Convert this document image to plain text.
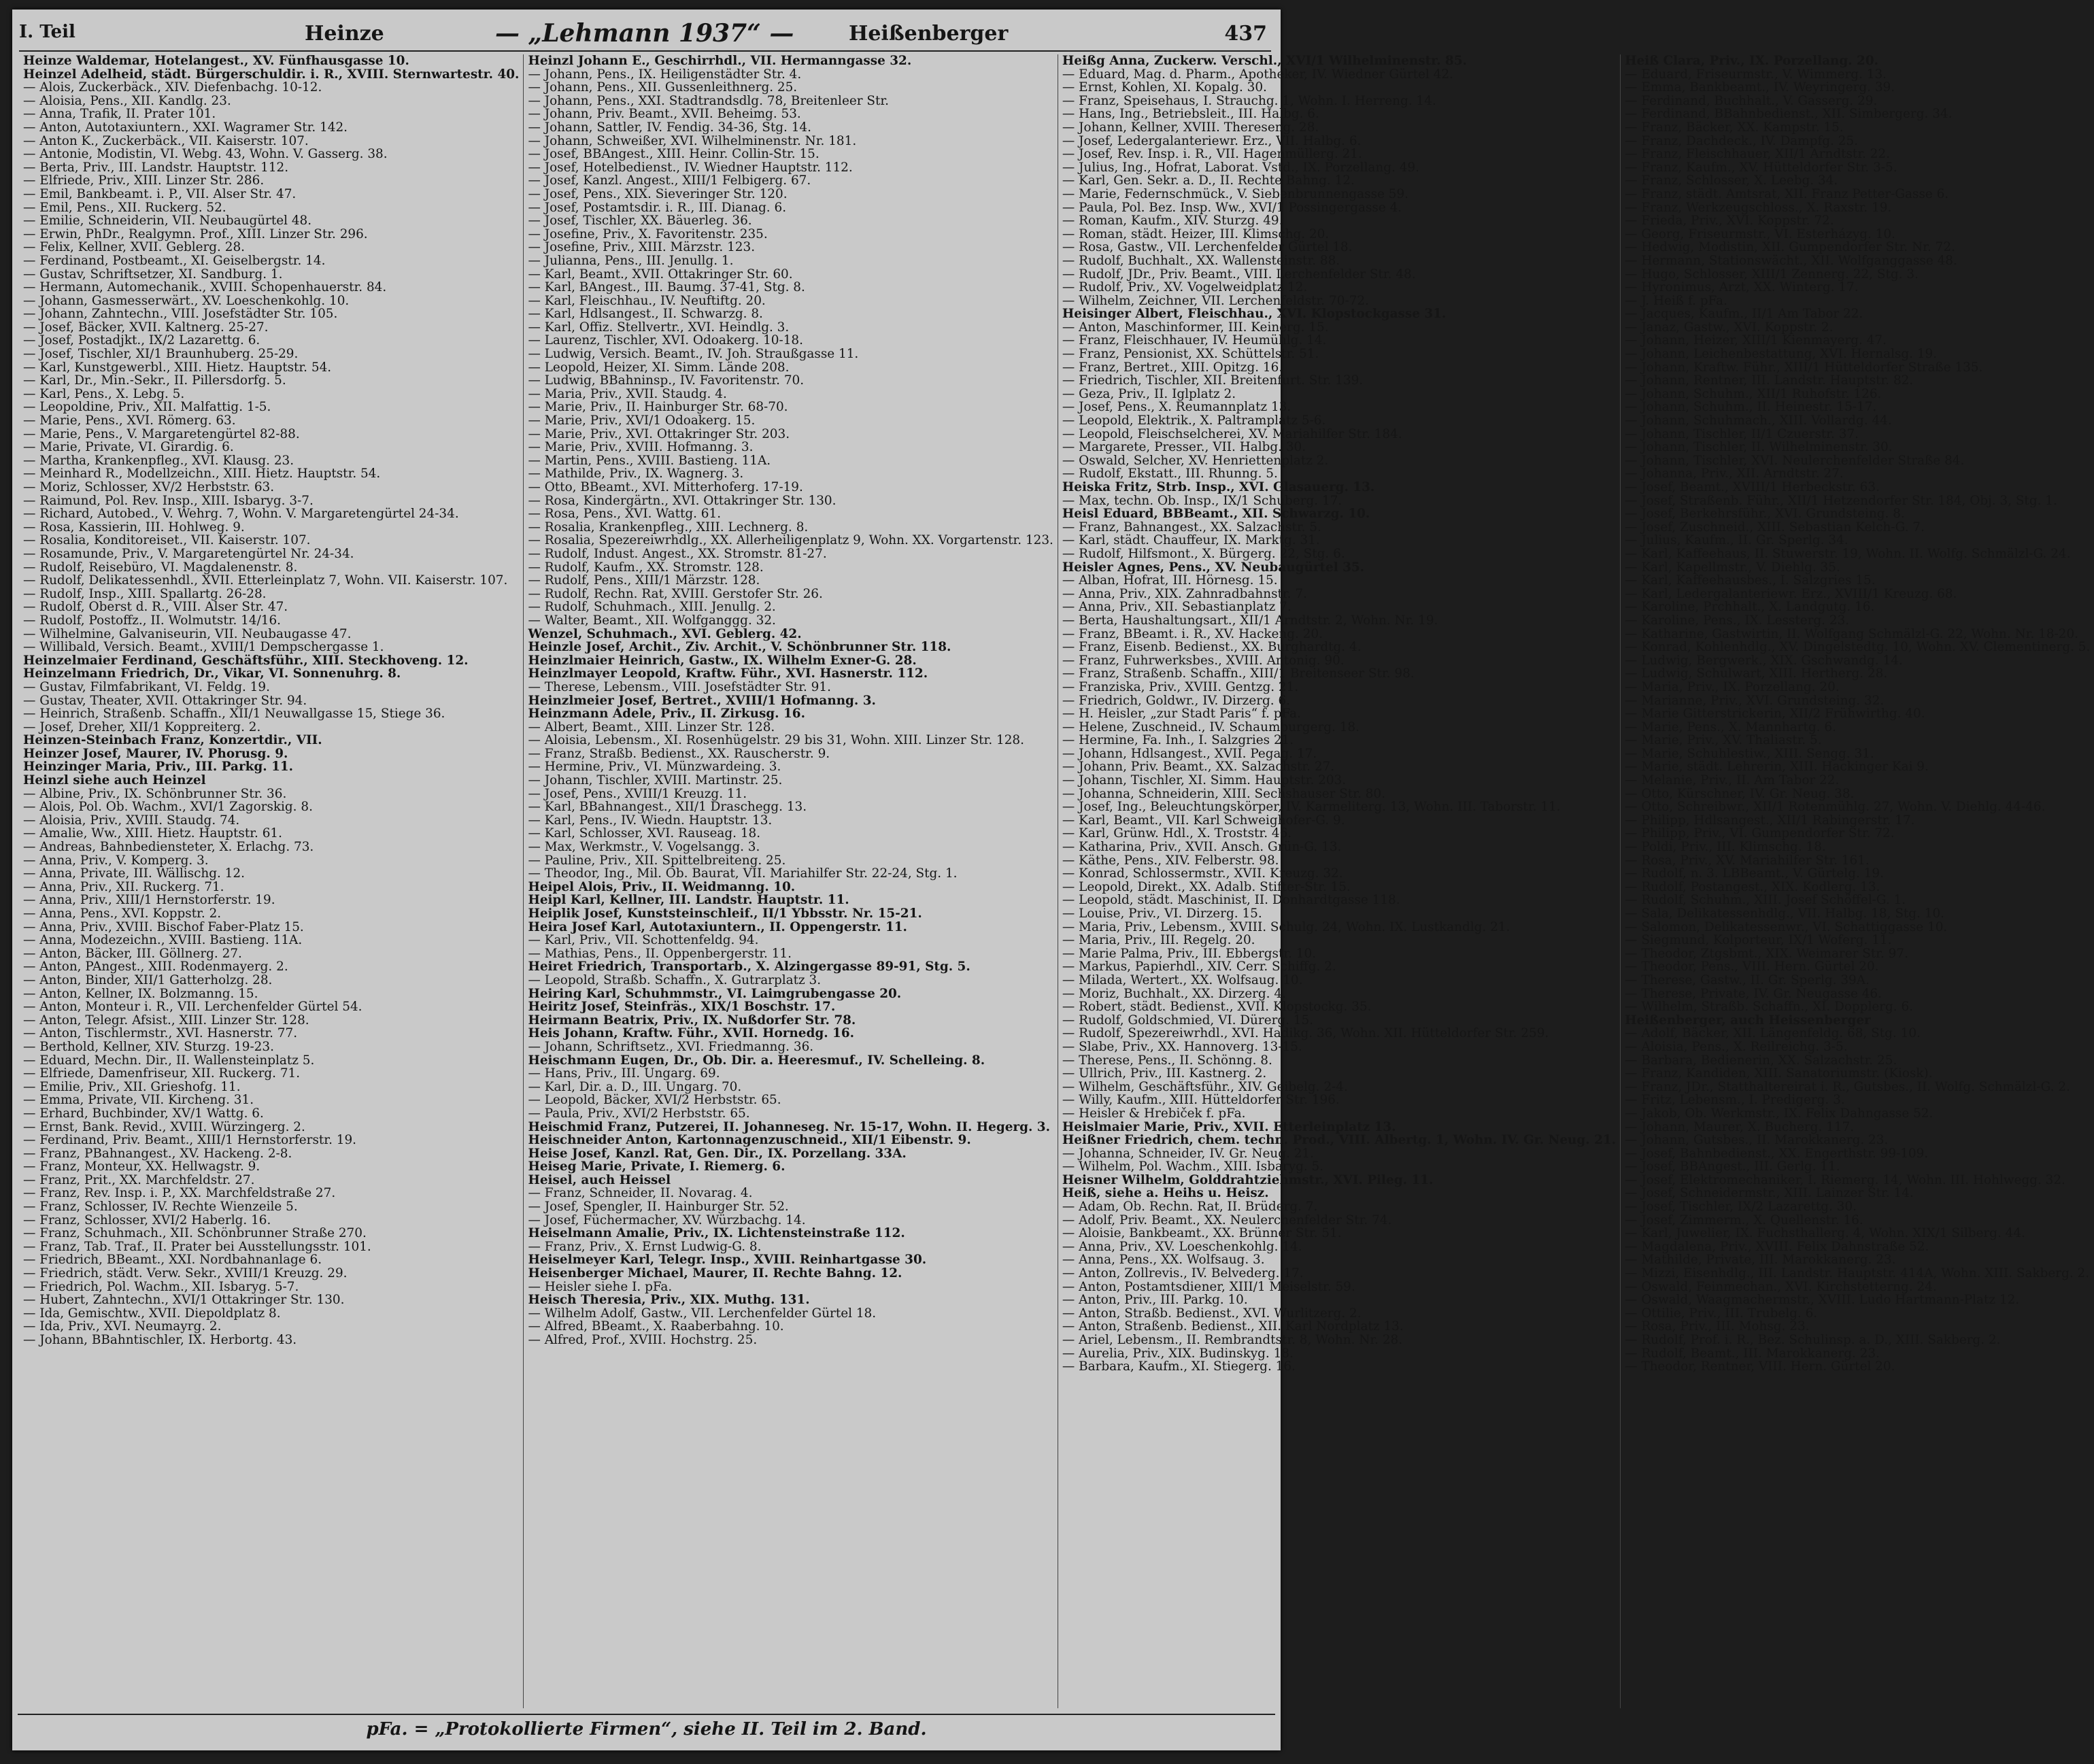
I. Teil	Heinze	— „Lehmann 1937“ —	Heißenberger	437
Heinze Waldemar, Hotelangest., XV. Fünfhausgasse 10.
Heinzel Adelheid, städt. Bürgerschuldir. i. R., XVIII. Sternwartestr. 40.
— Alois, Zuckerbäck., XIV. Diefenbachg. 10-12.
— Aloisia, Pens., XII. Kandlg. 23.
— Anna, Trafik, II. Prater 101.
— Anton, Autotaxiuntern., XXI. Wagramer Str. 142.
— Anton K., Zuckerbäck., VII. Kaiserstr. 107.
— Antonie, Modistin, VI. Webg. 43, Wohn. V. Gasserg. 38.
— Berta, Priv., III. Landstr. Hauptstr. 112.
— Elfriede, Priv., XIII. Linzer Str. 286.
— Emil, Bankbeamt. i. P., VII. Alser Str. 47.
— Emil, Pens., XII. Ruckerg. 52.
— Emilie, Schneiderin, VII. Neubaugürtel 48.
— Erwin, PhDr., Realgymn. Prof., XIII. Linzer Str. 296.
— Felix, Kellner, XVII. Geblerg. 28.
— Ferdinand, Postbeamt., XI. Geiselbergstr. 14.
— Gustav, Schriftsetzer, XI. Sandburg. 1.
— Hermann, Automechanik., XVIII. Schopenhauerstr. 84.
— Johann, Gasmesserwärt., XV. Loeschenkohlg. 10.
— Johann, Zahntechn., VIII. Josefstädter Str. 105.
— Josef, Bäcker, XVII. Kaltnerg. 25-27.
— Josef, Postadjkt., IX/2 Lazarettg. 6.
— Josef, Tischler, XI/1 Braunhuberg. 25-29.
— Karl, Kunstgewerbl., XIII. Hietz. Hauptstr. 54.
— Karl, Dr., Min.-Sekr., II. Pillersdorfg. 5.
— Karl, Pens., X. Lebg. 5.
— Leopoldine, Priv., XII. Malfattig. 1-5.
— Marie, Pens., XVI. Römerg. 63.
— Marie, Pens., V. Margaretengürtel 82-88.
— Marie, Private, VI. Girardig. 6.
— Martha, Krankenpfleg., XVI. Klausg. 23.
— Meinhard R., Modellzeichn., XIII. Hietz. Hauptstr. 54.
— Moriz, Schlosser, XV/2 Herbststr. 63.
— Raimund, Pol. Rev. Insp., XIII. Isbaryg. 3-7.
— Richard, Autobed., V. Wehrg. 7, Wohn. V. Margaretengürtel 24-34.
— Rosa, Kassierin, III. Hohlweg. 9.
— Rosalia, Konditoreiset., VII. Kaiserstr. 107.
— Rosamunde, Priv., V. Margaretengürtel Nr. 24-34.
— Rudolf, Reisebüro, VI. Magdalenenstr. 8.
— Rudolf, Delikatessenhdl., XVII. Etterleinplatz 7, Wohn. VII. Kaiserstr. 107.
— Rudolf, Insp., XIII. Spallartg. 26-28.
— Rudolf, Oberst d. R., VIII. Alser Str. 47.
— Rudolf, Postoffz., II. Wolmutstr. 14/16.
— Wilhelmine, Galvaniseurin, VII. Neubaugasse 47.
— Willibald, Versich. Beamt., XVIII/1 Dempschergasse 1.
Heinzelmaier Ferdinand, Geschäftsführ., XIII. Steckhoveng. 12.
Heinzelmann Friedrich, Dr., Vikar, VI. Sonnenuhrg. 8.
— Gustav, Filmfabrikant, VI. Feldg. 19.
— Gustav, Theater, XVII. Ottakringer Str. 94.
— Heinrich, Straßenb. Schaffn., XII/1 Neuwallgasse 15, Stiege 36.
— Josef, Dreher, XII/1 Koppreiterg. 2.
Heinzen-Steinbach Franz, Konzertdir., VII.
Heinzer Josef, Maurer, IV. Phorusg. 9.
Heinzinger Maria, Priv., III. Parkg. 11.
Heinzl siehe auch Heinzel
— Albine, Priv., IX. Schönbrunner Str. 36.
— Alois, Pol. Ob. Wachm., XVI/1 Zagorskig. 8.
— Aloisia, Priv., XVIII. Staudg. 74.
— Amalie, Ww., XIII. Hietz. Hauptstr. 61.
— Andreas, Bahnbediensteter, X. Erlachg. 73.
— Anna, Priv., V. Komperg. 3.
— Anna, Private, III. Wällischg. 12.
— Anna, Priv., XII. Ruckerg. 71.
— Anna, Priv., XIII/1 Hernstorferstr. 19.
— Anna, Pens., XVI. Koppstr. 2.
— Anna, Priv., XVIII. Bischof Faber-Platz 15.
— Anna, Modezeichn., XVIII. Bastieng. 11A.
— Anton, Bäcker, III. Göllnerg. 27.
— Anton, PAngest., XIII. Rodenmayerg. 2.
— Anton, Binder, XII/1 Gatterholzg. 28.
— Anton, Kellner, IX. Bolzmanng. 15.
— Anton, Monteur i. R., VII. Lerchenfelder Gürtel 54.
— Anton, Telegr. Afsist., XIII. Linzer Str. 128.
— Anton, Tischlermstr., XVI. Hasnerstr. 77.
— Berthold, Kellner, XIV. Sturzg. 19-23.
— Eduard, Mechn. Dir., II. Wallensteinplatz 5.
— Elfriede, Damenfriseur, XII. Ruckerg. 71.
— Emilie, Priv., XII. Grieshofg. 11.
— Emma, Private, VII. Kircheng. 31.
— Erhard, Buchbinder, XV/1 Wattg. 6.
— Ernst, Bank. Revid., XVIII. Würzingerg. 2.
— Ferdinand, Priv. Beamt., XIII/1 Hernstorferstr. 19.
— Franz, PBahnangest., XV. Hackeng. 2-8.
— Franz, Monteur, XX. Hellwagstr. 9.
— Franz, Prit., XX. Marchfeldstr. 27.
— Franz, Rev. Insp. i. P., XX. Marchfeldstraße 27.
— Franz, Schlosser, IV. Rechte Wienzeile 5.
— Franz, Schlosser, XVI/2 Haberlg. 16.
— Franz, Schuhmach., XII. Schönbrunner Straße 270.
— Franz, Tab. Traf., II. Prater bei Ausstellungsstr. 101.
— Friedrich, BBeamt., XXI. Nordbahnanlage 6.
— Friedrich, städt. Verw. Sekr., XVIII/1 Kreuzg. 29.
— Friedrich, Pol. Wachm., XII. Isbaryg. 5-7.
— Hubert, Zahntechn., XVI/1 Ottakringer Str. 130.
— Ida, Gemischtw., XVII. Diepoldplatz 8.
— Ida, Priv., XVI. Neumayrg. 2.
— Johann, BBahntischler, IX. Herbortg. 43.
Heinzl Johann E., Geschirrhdl., VII. Hermanngasse 32.
— Johann, Pens., IX. Heiligenstädter Str. 4.
— Johann, Pens., XII. Gussenleithnerg. 25.
— Johann, Pens., XXI. Stadtrandsdlg. 78, Breitenleer Str.
— Johann, Priv. Beamt., XVII. Beheimg. 53.
— Johann, Sattler, IV. Fendig. 34-36, Stg. 14.
— Johann, Schweißer, XVI. Wilhelminenstr. Nr. 181.
— Josef, BBAngest., XIII. Heinr. Collin-Str. 15.
— Josef, Hotelbedienst., IV. Wiedner Hauptstr. 112.
— Josef, Kanzl. Angest., XIII/1 Felbigerg. 67.
— Josef, Pens., XIX. Sieveringer Str. 120.
— Josef, Postamtsdir. i. R., III. Dianag. 6.
— Josef, Tischler, XX. Bäuerleg. 36.
— Josefine, Priv., X. Favoritenstr. 235.
— Josefine, Priv., XIII. Märzstr. 123.
— Julianna, Pens., III. Jenullg. 1.
— Karl, Beamt., XVII. Ottakringer Str. 60.
— Karl, BAngest., III. Baumg. 37-41, Stg. 8.
— Karl, Fleischhau., IV. Neuftiftg. 20.
— Karl, Hdlsangest., II. Schwarzg. 8.
— Karl, Offiz. Stellvertr., XVI. Heindlg. 3.
— Laurenz, Tischler, XVI. Odoakerg. 10-18.
— Ludwig, Versich. Beamt., IV. Joh. Straußgasse 11.
— Leopold, Heizer, XI. Simm. Lände 208.
— Ludwig, BBahninsp., IV. Favoritenstr. 70.
— Maria, Priv., XVII. Staudg. 4.
— Marie, Priv., II. Hainburger Str. 68-70.
— Marie, Priv., XVI/1 Odoakerg. 15.
— Marie, Priv., XVI. Ottakringer Str. 203.
— Marie, Priv., XVIII. Hofmanng. 3.
— Martin, Pens., XVIII. Bastieng. 11A.
— Mathilde, Priv., IX. Wagnerg. 3.
— Otto, BBeamt., XVI. Mitterhoferg. 17-19.
— Rosa, Kindergärtn., XVI. Ottakringer Str. 130.
— Rosa, Pens., XVI. Wattg. 61.
— Rosalia, Krankenpfleg., XIII. Lechnerg. 8.
— Rosalia, Spezereiwrhdlg., XX. Allerheiligenplatz 9, Wohn. XX. Vorgartenstr. 123.
— Rudolf, Indust. Angest., XX. Stromstr. 81-27.
— Rudolf, Kaufm., XX. Stromstr. 128.
— Rudolf, Pens., XIII/1 Märzstr. 128.
— Rudolf, Rechn. Rat, XVIII. Gerstofer Str. 26.
— Rudolf, Schuhmach., XIII. Jenullg. 2.
— Walter, Beamt., XII. Wolfganggg. 32.
Wenzel, Schuhmach., XVI. Geblerg. 42.
Heinzle Josef, Archit., Ziv. Archit., V. Schönbrunner Str. 118.
Heinzlmaier Heinrich, Gastw., IX. Wilhelm Exner-G. 28.
Heinzlmayer Leopold, Kraftw. Führ., XVI. Hasnerstr. 112.
— Therese, Lebensm., VIII. Josefstädter Str. 91.
Heinzlmeier Josef, Bertret., XVIII/1 Hofmanng. 3.
Heinzmann Adele, Priv., II. Zirkusg. 16.
— Albert, Beamt., XIII. Linzer Str. 128.
— Aloisia, Lebensm., XI. Rosenhügelstr. 29 bis 31, Wohn. XIII. Linzer Str. 128.
— Franz, Straßb. Bedienst., XX. Rauscherstr. 9.
— Hermine, Priv., VI. Münzwardeing. 3.
— Johann, Tischler, XVIII. Martinstr. 25.
— Josef, Pens., XVIII/1 Kreuzg. 11.
— Karl, BBahnangest., XII/1 Draschegg. 13.
— Karl, Pens., IV. Wiedn. Hauptstr. 13.
— Karl, Schlosser, XVI. Rauseag. 18.
— Max, Werkmstr., V. Vogelsangg. 3.
— Pauline, Priv., XII. Spittelbreiteng. 25.
— Theodor, Ing., Mil. Ob. Baurat, VII. Mariahilfer Str. 22-24, Stg. 1.
Heipel Alois, Priv., II. Weidmanng. 10.
Heipl Karl, Kellner, III. Landstr. Hauptstr. 11.
Heiplik Josef, Kunststeinschleif., II/1 Ybbsstr. Nr. 15-21.
Heira Josef Karl, Autotaxiuntern., II. Oppengerstr. 11.
— Karl, Priv., VII. Schottenfeldg. 94.
— Mathias, Pens., II. Oppenbergerstr. 11.
Heiret Friedrich, Transportarb., X. Alzingergasse 89-91, Stg. 5.
— Leopold, Straßb. Schaffn., X. Gutrarplatz 3.
Heiring Karl, Schuhmmstr., VI. Laimgrubengasse 20.
Heiritz Josef, Steinfräs., XIX/1 Boschstr. 17.
Heirmann Beatrix, Priv., IX. Nußdorfer Str. 78.
Heis Johann, Kraftw. Führ., XVII. Hornedg. 16.
— Johann, Schriftsetz., XVI. Friedmanng. 36.
Heischmann Eugen, Dr., Ob. Dir. a. Heeresmuf., IV. Schelleing. 8.
— Hans, Priv., III. Ungarg. 69.
— Karl, Dir. a. D., III. Ungarg. 70.
— Leopold, Bäcker, XVI/2 Herbststr. 65.
— Paula, Priv., XVI/2 Herbststr. 65.
Heischmid Franz, Putzerei, II. Johanneseg. Nr. 15-17, Wohn. II. Hegerg. 3.
Heischneider Anton, Kartonnagenzuschneid., XII/1 Eibenstr. 9.
Heise Josef, Kanzl. Rat, Gen. Dir., IX. Porzellang. 33A.
Heiseg Marie, Private, I. Riemerg. 6.
Heisel, auch Heissel
— Franz, Schneider, II. Novarag. 4.
— Josef, Spengler, II. Hainburger Str. 52.
— Josef, Füchermacher, XV. Würzbachg. 14.
Heiselmann Amalie, Priv., IX. Lichtensteinstraße 112.
— Franz, Priv., X. Ernst Ludwig-G. 8.
Heiselmeyer Karl, Telegr. Insp., XVIII. Reinhartgasse 30.
Heisenberger Michael, Maurer, II. Rechte Bahng. 12.
— Heisler siehe I. pFa.
Heisch Theresia, Priv., XIX. Muthg. 131.
— Wilhelm Adolf, Gastw., VII. Lerchenfelder Gürtel 18.
— Alfred, BBeamt., X. Raaberbahng. 10.
— Alfred, Prof., XVIII. Hochstrg. 25.
Heißg Anna, Zuckerw. Verschl., XVI/1 Wilhelminenstr. 85.
— Eduard, Mag. d. Pharm., Apotheker, IV. Wiedner Gürtel 42.
— Ernst, Kohlen, XI. Kopalg. 30.
— Franz, Speisehaus, I. Strauchg. 1, Wohn. I. Herreng. 14.
— Hans, Ing., Betriebsleit., III. Halbg. 6.
— Johann, Kellner, XVIII. Thereseng. 28.
— Josef, Ledergalanteriewr. Erz., VII. Halbg. 6.
— Josef, Rev. Insp. i. R., VII. Hagenmüllerg. 21.
— Julius, Ing., Hofrat, Laborat. Vstd., IX. Porzellang. 49.
— Karl, Gen. Sekr. a. D., II. Rechte Bahng. 12.
— Marie, Federnschmück., V. Siebenbrunnengasse 59.
— Paula, Pol. Bez. Insp. Ww., XVI/1 Possingergasse 4.
— Roman, Kaufm., XIV. Sturzg. 49.
— Roman, städt. Heizer, III. Klimschg. 20.
— Rosa, Gastw., VII. Lerchenfelder Gürtel 18.
— Rudolf, Buchhalt., XX. Wallensteinstr. 88.
— Rudolf, JDr., Priv. Beamt., VIII. Lerchenfelder Str. 48.
— Rudolf, Priv., XV. Vogelweidplatz 12.
— Wilhelm, Zeichner, VII. Lerchenfeldstr. 70-72.
Heisinger Albert, Fleischhau., XVI. Klopstockgasse 31.
— Anton, Maschinformer, III. Keinerg. 15.
— Franz, Fleischhauer, IV. Heumühlg. 14.
— Franz, Pensionist, XX. Schüttelstr. 51.
— Franz, Bertret., XIII. Opitzg. 16.
— Friedrich, Tischler, XII. Breitenfurt. Str. 139.
— Geza, Priv., II. Iglplatz 2.
— Josef, Pens., X. Reumannplatz 13.
— Leopold, Elektrik., X. Paltramplatz 5-6.
— Leopold, Fleischselcherei, XV. Mariahilfer Str. 184.
— Margarete, Presser., VII. Halbg. 30.
— Oswald, Selcher, XV. Henriettenplatz 2.
— Rudolf, Ekstatt., III. Rhunng. 5.
Heiska Fritz, Strb. Insp., XVI. Glasauerg. 13.
— Max, techn. Ob. Insp., IX/1 Schuberg. 17.
Heisl Eduard, BBBeamt., XII. Schwarzg. 10.
— Franz, Bahnangest., XX. Salzachstr. 5.
— Karl, städt. Chauffeur, IX. Marktg. 31.
— Rudolf, Hilfsmont., X. Bürgerg. 22, Stg. 6.
Heisler Agnes, Pens., XV. Neubaugürtel 35.
— Alban, Hofrat, III. Hörnesg. 15.
— Anna, Priv., XIX. Zahnradbahnstr. 7.
— Anna, Priv., XII. Sebastianplatz 7.
— Berta, Haushaltungsart., XII/1 Arndtstr. 2, Wohn. Nr. 19.
— Franz, BBeamt. i. R., XV. Hackeng. 20.
— Franz, Eisenb. Bedienst., XX. Burghardtg. 4.
— Franz, Fuhrwerksbes., XVIII. Antonig. 90.
— Franz, Straßenb. Schaffn., XIII/1 Breitenseer Str. 98.
— Franziska, Priv., XVIII. Gentzg. 21.
— Friedrich, Goldwr., IV. Dirzerg. 6.
— H. Heisler, „zur Stadt Paris“ f. pFa.
— Helene, Zuschneid., IV. Schaumburgerg. 18.
— Hermine, Fa. Inh., I. Salzgries 21.
— Johann, Hdlsangest., XVII. Pegag. 17.
— Johann, Priv. Beamt., XX. Salzachstr. 27.
— Johann, Tischler, XI. Simm. Hauptstr. 203.
— Johanna, Schneiderin, XIII. Sechshauser Str. 80.
— Josef, Ing., Beleuchtungskörper, IV. Karmeliterg. 13, Wohn. III. Taborstr. 11.
— Karl, Beamt., VII. Karl Schweighofer-G. 9.
— Karl, Grünw. Hdl., X. Troststr. 46.
— Katharina, Priv., XVII. Ansch. Grün-G. 13.
— Käthe, Pens., XIV. Felberstr. 98.
— Konrad, Schlossermstr., XVII. Kreuzg. 32.
— Leopold, Direkt., XX. Adalb. Stifter-Str. 15.
— Leopold, städt. Maschinist, II. Donhardtgasse 118.
— Louise, Priv., VI. Dirzerg. 15.
— Maria, Priv., Lebensm., XVIII. Schulg. 24, Wohn. IX. Lustkandlg. 21.
— Maria, Priv., III. Regelg. 20.
— Marie Palma, Priv., III. Ebbergstr. 10.
— Markus, Papierhdl., XIV. Cerr. Schiffg. 2.
— Milada, Wertert., XX. Wolfsaug. 10.
— Moriz, Buchhalt., XX. Dirzerg. 4.
— Robert, städt. Bedienst., XVII. Klopstockg. 35.
— Rudolf, Goldschmied, VI. Dürerg. 15.
— Rudolf, Spezereiwrhdl., XVI. Hadikg. 36, Wohn. XII. Hütteldorfer Str. 259.
— Slabe, Priv., XX. Hannoverg. 13-15.
— Therese, Pens., II. Schönng. 8.
— Ullrich, Priv., III. Kastnerg. 2.
— Wilhelm, Geschäftsführ., XIV. Geibelg. 2-4.
— Willy, Kaufm., XIII. Hütteldorfer Str. 196.
— Heisler & Hrebiček f. pFa.
Heislmaier Marie, Priv., XVII. Etterleinplatz 13.
Heißner Friedrich, chem. techn. Prod., VIII. Albertg. 1, Wohn. IV. Gr. Neug. 21.
— Johanna, Schneider, IV. Gr. Neug. 21.
— Wilhelm, Pol. Wachm., XIII. Isbaryg. 5.
Heisner Wilhelm, Golddrahtziehmstr., XVI. Pileg. 11.
Heiß, siehe a. Heihs u. Heisz.
— Adam, Ob. Rechn. Rat, II. Brüderg. 7.
— Adolf, Priv. Beamt., XX. Neulerchenfelder Str. 74.
— Aloisie, Bankbeamt., XX. Brünner Str. 51.
— Anna, Priv., XV. Loeschenkohlg. 14.
— Anna, Pens., XX. Wolfsaug. 3.
— Anton, Zollrevis., IV. Belvederg. 17.
— Anton, Postamtsdiener, XIII/1 Meiselstr. 59.
— Anton, Priv., III. Parkg. 10.
— Anton, Straßb. Bedienst., XVI. Wurlitzerg. 2.
— Anton, Straßenb. Bedienst., XII. Karl Nordplatz 13.
— Ariel, Lebensm., II. Rembrandtstr. 8, Wohn. Nr. 28.
— Aurelia, Priv., XIX. Budinskyg. 18.
— Barbara, Kaufm., XI. Stiegerg. 16.
Heiß Clara, Priv., IX. Porzellang. 20.
— Eduard, Friseurmstr., V. Wimmerg. 13.
— Emma, Bankbeamt., IV. Weyringerg. 39.
— Ferdinand, Buchhalt., V. Gasserg. 29.
— Ferdinand, BBahnbedienst., XII. Simbergerg. 34.
— Franz, Bäcker, XX. Kampstr. 15.
— Franz, Dachdeck., IV. Dampfg. 25.
— Franz, Fleischhauer, XII/1 Arndtstr. 22.
— Franz, Kaufm., XV. Hütteldorfer Str. 3-5.
— Franz, Schlosser, X. Leebg. 34.
— Franz, städt. Amtsrat, XII. Franz Petter-Gasse 6.
— Franz, Werkzeugschloss., X. Raxstr. 19.
— Frieda, Priv., XVI. Koppstr. 72.
— Georg, Friseurmstr., VI. Esterházyg. 10.
— Hedwig, Modistin, XII. Gumpendorfer Str. Nr. 72.
— Hermann, Stationswächt., XII. Wolfganggasse 48.
— Hugo, Schlosser, XIII/1 Zennerg. 22, Stg. 3.
— Hyronimus, Arzt, XX. Winterg. 17.
— J. Heiß f. pFa.
— Jacques, Kaufm., II/1 Am Tabor 22.
— Janaz, Gastw., XVI. Koppstr. 2.
— Johann, Heizer, XIII/1 Kienmayerg. 47.
— Johann, Leichenbestattung, XVI. Hernalsg. 19.
— Johann, Kraftw. Führ., XIII/1 Hütteldorfer Straße 135.
— Johann, Rentner, III. Landstr. Hauptstr. 82.
— Johann, Schuhm., XII/1 Ruhofstr. 126.
— Johann, Schuhm., II. Heinestr. 15-17.
— Johann, Schuhmach., XIII. Vollardg. 44.
— Johann, Tischler, II/1 Czuerstr. 37.
— Johann, Tischler, II. Wilhelminenstr. 30.
— Johann, Tischler, XVI. Neulerchenfelder Straße 84.
— Johanna, Priv., XII. Arndtstr. 27.
— Josef, Beamt., XVIII/1 Herbeckstr. 63.
— Josef, Straßenb. Führ., XII/1 Hetzendorfer Str. 184, Obj. 3, Stg. 1.
— Josef, Berkehrsführ., XVI. Grundsteing. 8.
— Josef, Zuschneid., XIII. Sebastian Kelch-G. 7.
— Julius, Kaufm., II. Gr. Sperlg. 34.
— Karl, Kaffeehaus, II. Stuwerstr. 19, Wohn. II. Wolfg. Schmälzl-G. 24.
— Karl, Kapellmstr., V. Diehlg. 35.
— Karl, Kaffeehausbes., I. Salzgries 15.
— Karl, Ledergalanteriewr. Erz., XVIII/1 Kreuzg. 68.
— Karoline, Prchhalt., X. Landgutg. 16.
— Karoline, Pens., IX. Lessterg. 23.
— Katharine, Gastwirtin, II. Wolfgang Schmälzl-G. 22, Wohn. Nr. 18-20.
— Konrad, Kohlenhdlg., XV. Dingelstedtg. 10, Wohn. XV. Clementinerg. 5.
— Ludwig, Bergwerk., XIX. Gschwandg. 14.
— Ludwig, Schulwart, XIII. Hertherg. 28.
— Maria, Priv., IX. Porzellang. 20.
— Marianne, Priv., XVI. Grundsteing. 32.
— Marie Gitterstrickerin, XII/2 Frühwirthg. 40.
— Marie, Pens., X. Mannhartg. 6.
— Marie, Priv., XV. Thaliastr. 5.
— Marie, Schuhlestiw., XIII. Sengg. 31.
— Marie, städt. Lehrerin, XIII. Hackinger Kai 9.
— Melanie, Priv., II. Am Tabor 22.
— Otto, Kürschner, IV. Gr. Neug. 38.
— Otto, Schreibwr., XII/1 Rotenmühlg. 27, Wohn. V. Diehlg. 44-46.
— Philipp, Hdlsangest., XII/1 Rabingerstr. 17.
— Philipp, Priv., VI. Gumpendorfer Str. 72.
— Poldi, Priv., III. Klimschg. 18.
— Rosa, Priv., XV. Mariahilfer Str. 161.
— Rudolf, n. 3. LBBeamt., V. Gürtelg. 19.
— Rudolf, Postangest., XIX. Kodlerg. 13.
— Rudolf, Schuhm., XIII. Josef Schöffel-G. 1.
— Sala, Delikatessenhdlg., VII. Halbg. 18, Stg. 10.
— Salomon, Delikatessenwr., VI. Schattiggasse 10.
— Siegmund, Kolporteur, IX/1 Woferg. 11.
— Theodor, Ztgsbmt., XIX. Weimarer Str. 97.
— Theodor, Pens., VIII. Hern. Gürtel 20.
— Therese, Gastw., II. Gr. Sperlg. 39A.
— Therese, Private, IV. Gr. Neugasse 46.
— Wilhelm, Straßb. Schaffn., XI. Dopplerg. 6.
Heißenberger, auch Heissenberger
— Adolf, Bäcker, XII. Längenfeldg. 68, Stg. 10.
— Aloisia, Pens., X. Reilreichg. 3-5.
— Barbara, Bedienerin, XX. Salzachstr. 25.
— Franz, Kandiden, XIII. Sanatoriumstr. (Kiosk).
— Franz, JDr., Statthaltereirat i. R., Gutsbes., II. Wolfg. Schmälzl-G. 2.
— Fritz, Lebensm., I. Predigerg. 3.
— Jakob, Ob. Werkmstr., IX. Felix Dahngasse 52.
— Johann, Maurer, X. Bucherg. 117.
— Johann, Gutsbes., II. Marokkanerg. 23.
— Josef, Bahnbedienst., XX. Engerthstr. 99-109.
— Josef, BBAngest., III. Gerlg. 11.
— Josef, Elektromechaniker, I. Riemerg. 14, Wohn. III. Hohlwegg. 32.
— Josef, Schneidermstr., XIII. Lainzer Str. 14.
— Josef, Tischler, IX/2 Lazarettg. 30.
— Josef, Zimmerm., X. Quellenstr. 16.
— Karl, Juwelier, IX. Fuchsthallerg. 4, Wohn. XIX/1 Silberg. 44.
— Magdalena, Priv., XVIII. Felix Dahnstraße 52.
— Mathilde, Private, III. Marokkanerg. 23.
— Mizzi, Eisenhdlg., III. Landstr. Hauptstr. 414A, Wohn. XIII. Sakberg. 2.
— Oswald, Feinmechan., XVI. Kirchstetterng. 24.
— Oswald, Waagmachermstr., XVIII. Ludo Hartmann-Platz 12.
— Ottilie, Priv., III. Trubelg. 6.
— Rosa, Priv., III. Mohsg. 23.
— Rudolf, Prof. i. R., Bez. Schulinsp. a. D., XIII. Sakberg. 2.
— Rudolf, Beamt., III. Marokkanerg. 23.
— Theodor, Rentner, VIII. Hern. Gürtel 20.
pFa. = „Protokollierte Firmen“, siehe II. Teil im 2. Band.
